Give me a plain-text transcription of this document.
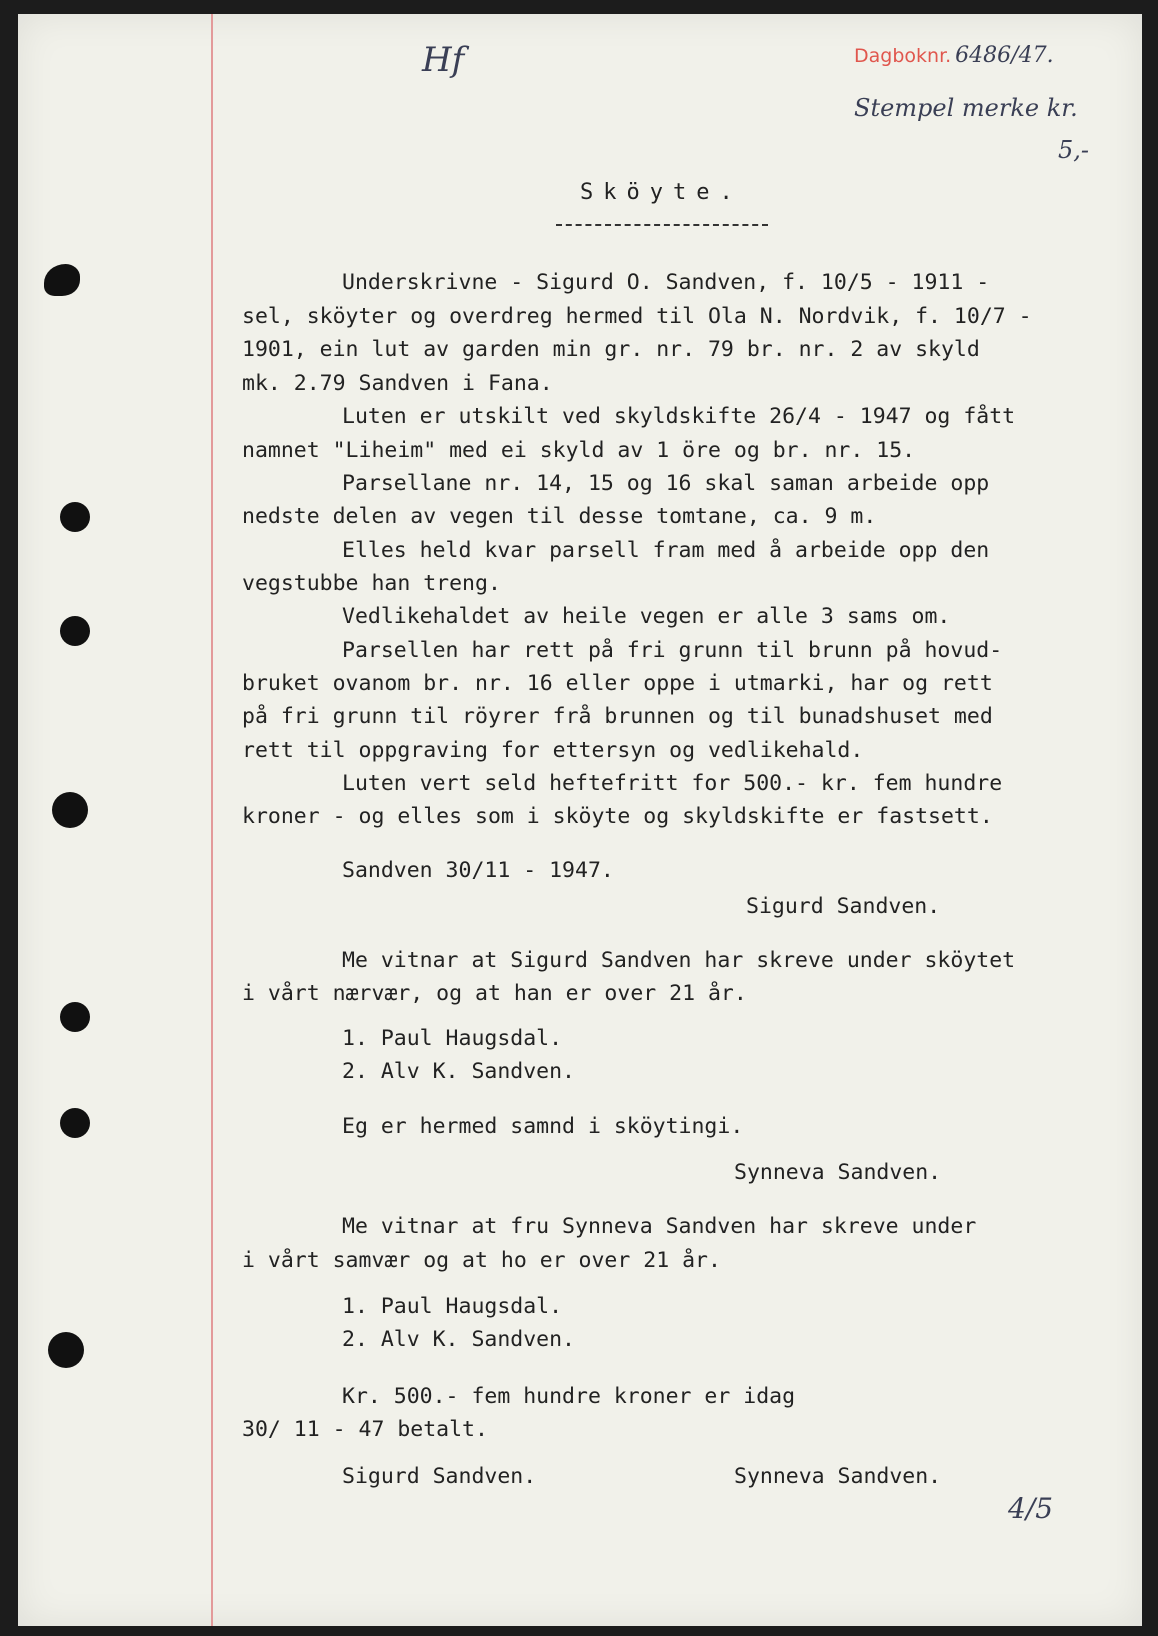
Dagboknr. 6486/47.
Hf
Stempel merke kr.
5,-
4/5
Sköyte.
Underskrivne - Sigurd O. Sandven, f. 10/5 - 1911 -
sel, sköyter og overdreg hermed til Ola N. Nordvik, f. 10/7 -
1901, ein lut av garden min gr. nr. 79 br. nr. 2 av skyld
mk. 2.79 Sandven i Fana.
Luten er utskilt ved skyldskifte 26/4 - 1947 og fått
namnet "Liheim" med ei skyld av 1 öre og br. nr. 15.
Parsellane nr. 14, 15 og 16 skal saman arbeide opp
nedste delen av vegen til desse tomtane, ca. 9 m.
Elles held kvar parsell fram med å arbeide opp den
vegstubbe han treng.
Vedlikehaldet av heile vegen er alle 3 sams om.
Parsellen har rett på fri grunn til brunn på hovud-
bruket ovanom br. nr. 16 eller oppe i utmarki, har og rett
på fri grunn til röyrer frå brunnen og til bunadshuset med
rett til oppgraving for ettersyn og vedlikehald.
Luten vert seld heftefritt for 500.- kr. fem hundre
kroner - og elles som i sköyte og skyldskifte er fastsett.
Sandven 30/11 - 1947.
Sigurd Sandven.
Me vitnar at Sigurd Sandven har skreve under sköytet
i vårt nærvær, og at han er over 21 år.
1. Paul Haugsdal.
2. Alv K. Sandven.
Eg er hermed samnd i sköytingi.
Synneva Sandven.
Me vitnar at fru Synneva Sandven har skreve under
i vårt samvær og at ho er over 21 år.
1. Paul Haugsdal.
2. Alv K. Sandven.
Kr. 500.- fem hundre kroner er idag
30/ 11 - 47 betalt.
Sigurd Sandven.	Synneva Sandven.
